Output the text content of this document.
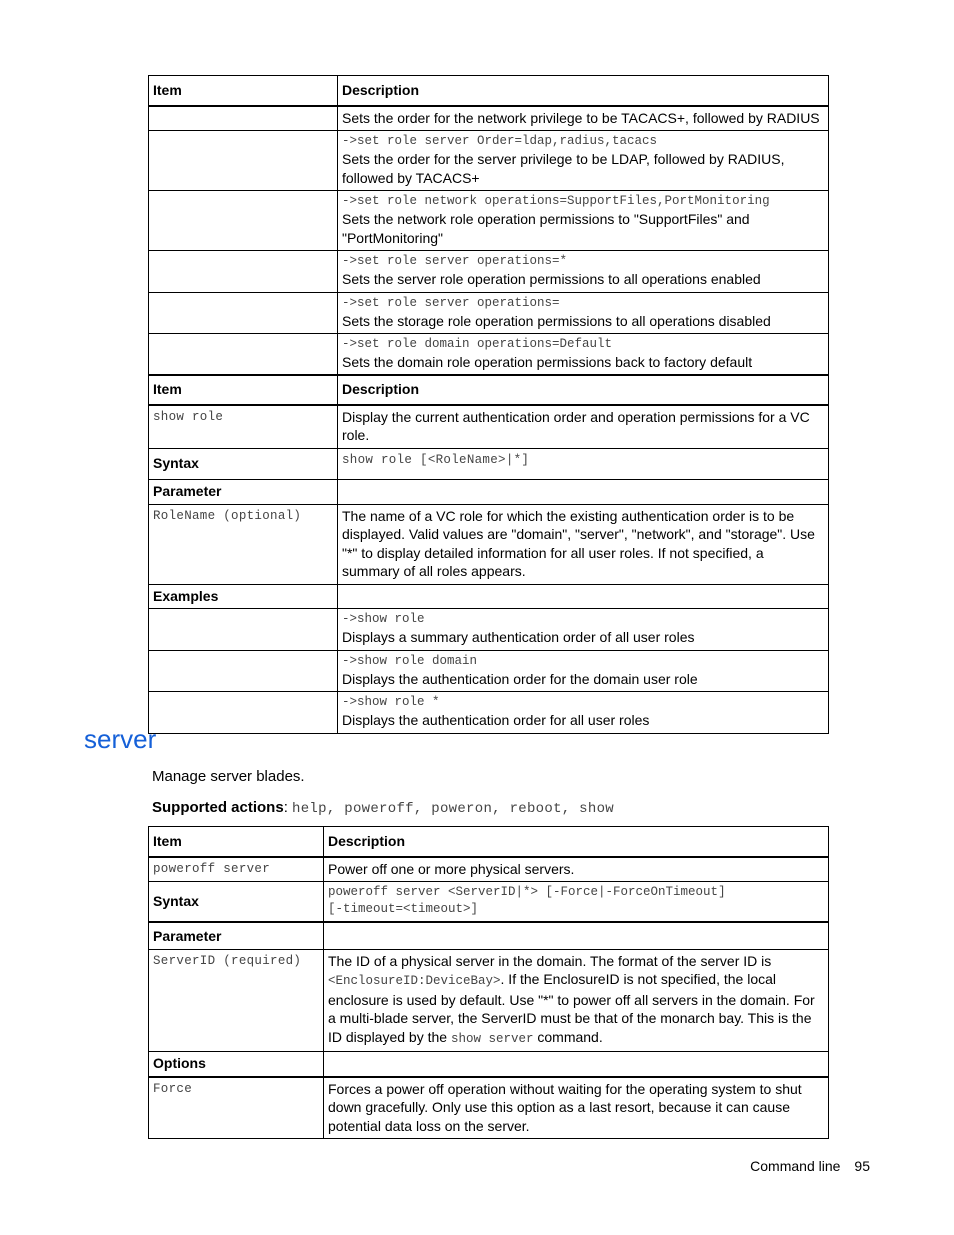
Item	Description
	Sets the order for the network privilege to be TACACS+, followed by RADIUS

	->set role server Order=ldap,radius,tacacs
Sets the order for the server privilege to be LDAP, followed by RADIUS, followed by TACACS+

	->set role network operations=SupportFiles,PortMonitoring
Sets the network role operation permissions to "SupportFiles" and "PortMonitoring"

	->set role server operations=*
Sets the server role operation permissions to all operations enabled

	->set role server operations=
Sets the storage role operation permissions to all operations disabled

	->set role domain operations=Default
Sets the domain role operation permissions back to factory default
Item	Description
show role	Display the current authentication order and operation permissions for a VC role.
Syntax	show role [<RoleName>|*]
Parameter	
RoleName (optional)	The name of a VC role for which the existing authentication order is to be displayed. Valid values are "domain", "server", "network", and "storage". Use "*" to display detailed information for all user roles. If not specified, a summary of all roles appears.
Examples	

	->show role
Displays a summary authentication order of all user roles

	->show role domain
Displays the authentication order for the domain user role

	->show role *
Displays the authentication order for all user roles
server

Manage server blades.

Supported actions: help, poweroff, poweron, reboot, show

Item	Description
poweroff server	Power off one or more physical servers.
Syntax	poweroff server <ServerID|*> [-Force|-ForceOnTimeout]
[-timeout=<timeout>]

Parameter	
ServerID (required)	The ID of a physical server in the domain. The format of the server ID is <EnclosureID:DeviceBay>. If the EnclosureID is not specified, the local enclosure is used by default. Use "*" to power off all servers in the domain. For a multi-blade server, the ServerID must be that of the monarch bay. This is the ID displayed by the show server command.
Options	
Force	Forces a power off operation without waiting for the operating system to shut down gracefully. Only use this option as a last resort, because it can cause potential data loss on the server.
Command line 95
